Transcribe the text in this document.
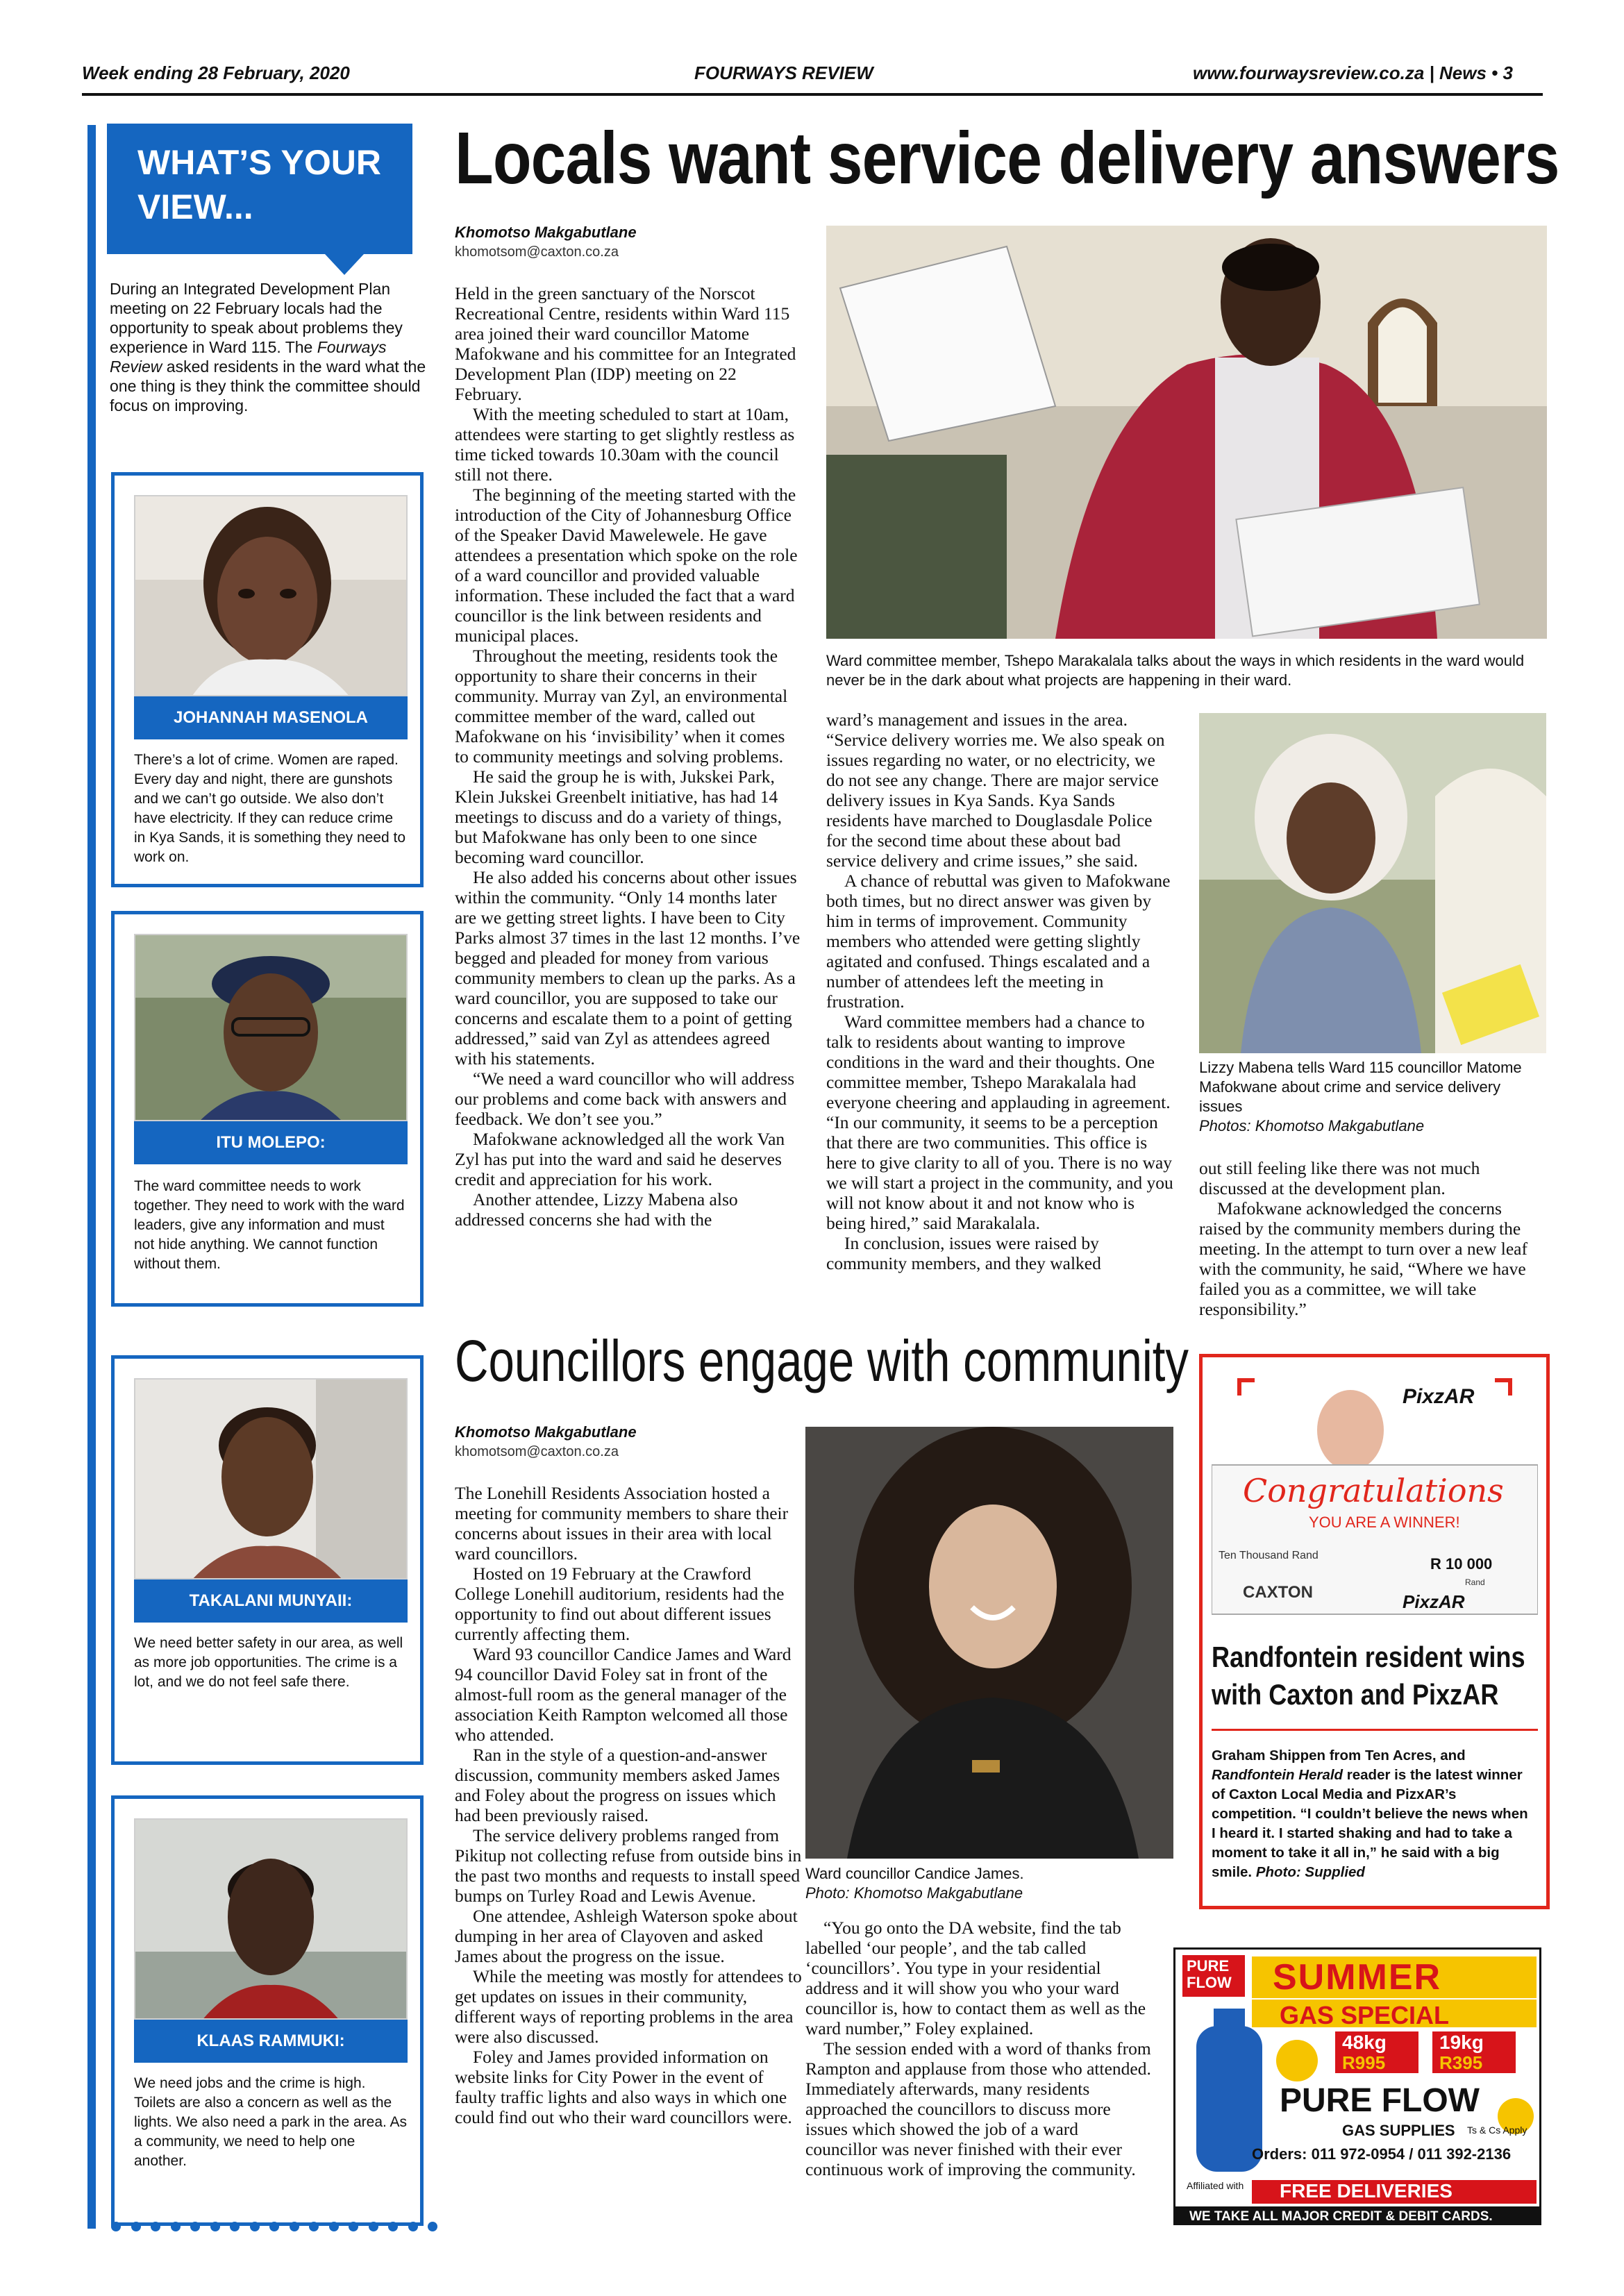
Week ending 28 February, 2020	FOURWAYS REVIEW	www.fourwaysreview.co.za | News • 3
WHAT’S YOUR
VIEW...
During an Integrated Development Plan meeting on 22 February locals had the opportunity to speak about problems they experience in Ward 115. The Fourways Review asked residents in the ward what the one thing is they think the committee should focus on improving.
JOHANNAH MASENOLA
There’s a lot of crime. Women are raped. Every day and night, there are gunshots and we can’t go outside. We also don’t have electricity. If they can reduce crime in Kya Sands, it is something they need to work on.
ITU MOLEPO:
The ward committee needs to work together. They need to work with the ward leaders, give any information and must not hide anything. We cannot function without them.
TAKALANI MUNYAII:
We need better safety in our area, as well as more job opportunities. The crime is a lot, and we do not feel safe there.
KLAAS RAMMUKI:
We need jobs and the crime is high. Toilets are also a concern as well as the lights. We also need a park in the area. As a community, we need to help one another.
Locals want service delivery answers
Khomotso Makgabutlane
khomotsom@caxton.co.za

Held in the green sanctuary of the Norscot Recreational Centre, residents within Ward 115 area joined their ward councillor Matome Mafokwane and his committee for an Integrated Development Plan (IDP) meeting on 22 February.

With the meeting scheduled to start at 10am, attendees were starting to get slightly restless as time ticked towards 10.30am with the council still not there.

The beginning of the meeting started with the introduction of the City of Johannesburg Office of the Speaker David Mawelewele. He gave attendees a presentation which spoke on the role of a ward councillor and provided valuable information. These included the fact that a ward councillor is the link between residents and municipal places.

Throughout the meeting, residents took the opportunity to share their concerns in their community. Murray van Zyl, an environmental committee member of the ward, called out Mafokwane on his ‘invisibility’ when it comes to community meetings and solving problems.

He said the group he is with, Jukskei Park, Klein Jukskei Greenbelt initiative, has had 14 meetings to discuss and do a variety of things, but Mafokwane has only been to one since becoming ward councillor.

He also added his concerns about other issues within the community. “Only 14 months later are we getting street lights. I have been to City Parks almost 37 times in the last 12 months. I’ve begged and pleaded for money from various community members to clean up the parks. As a ward councillor, you are supposed to take our concerns and escalate them to a point of getting addressed,” said van Zyl as attendees agreed with his statements.

“We need a ward councillor who will address our problems and come back with answers and feedback. We don’t see you.”

Mafokwane acknowledged all the work Van Zyl has put into the ward and said he deserves credit and appreciation for his work.

Another attendee, Lizzy Mabena also addressed concerns she had with the

Ward committee member, Tshepo Marakalala talks about the ways in which residents in the ward would never be in the dark about what projects are happening in their ward.

ward’s management and issues in the area. “Service delivery worries me. We also speak on issues regarding no water, or no electricity, we do not see any change. There are major service delivery issues in Kya Sands. Kya Sands residents have marched to Douglasdale Police for the second time about these about bad service delivery and crime issues,” she said.

A chance of rebuttal was given to Mafokwane both times, but no direct answer was given by him in terms of improvement. Community members who attended were getting slightly agitated and confused. Things escalated and a number of attendees left the meeting in frustration.

Ward committee members had a chance to talk to residents about wanting to improve conditions in the ward and their thoughts. One committee member, Tshepo Marakalala had everyone cheering and applauding in agreement. “In our community, it seems to be a perception that there are two communities. This office is here to give clarity to all of you. There is no way we will start a project in the community, and you will not know about it and not know who is being hired,” said Marakalala.

In conclusion, issues were raised by community members, and they walked

Lizzy Mabena tells Ward 115 councillor Matome Mafokwane about crime and service delivery issues
Photos: Khomotso Makgabutlane

out still feeling like there was not much discussed at the development plan.

Mafokwane acknowledged the concerns raised by the community members during the meeting. In the attempt to turn over a new leaf with the community, he said, “Where we have failed you as a committee, we will take responsibility.”

Councillors engage with community
Khomotso Makgabutlane
khomotsom@caxton.co.za

The Lonehill Residents Association hosted a meeting for community members to share their concerns about issues in their area with local ward councillors.

Hosted on 19 February at the Crawford College Lonehill auditorium, residents had the opportunity to find out about different issues currently affecting them.

Ward 93 councillor Candice James and Ward 94 councillor David Foley sat in front of the almost-full room as the general manager of the association Keith Rampton welcomed all those who attended.

Ran in the style of a question-and-answer discussion, community members asked James and Foley about the progress on issues which had been previously raised.

The service delivery problems ranged from Pikitup not collecting refuse from outside bins in the past two months and requests to install speed bumps on Turley Road and Lewis Avenue.

One attendee, Ashleigh Waterson spoke about dumping in her area of Clayoven and asked James about the progress on the issue.

While the meeting was mostly for attendees to get updates on issues in their community, different ways of reporting problems in the area were also discussed.

Foley and James provided information on website links for City Power in the event of faulty traffic lights and also ways in which one could find out who their ward councillors were.

Ward councillor Candice James.
Photo: Khomotso Makgabutlane

“You go onto the DA website, find the tab labelled ‘our people’, and the tab called ‘councillors’. You type in your residential address and it will show you who your ward councillor is, how to contact them as well as the ward number,” Foley explained.

The session ended with a word of thanks from Rampton and applause from those who attended. Immediately afterwards, many residents approached the councillors to discuss more issues which showed the job of a ward councillor was never finished with their ever continuous work of improving the community.

PixzAR
Congratulations
YOU ARE A WINNER!
Ten Thousand Rand	R 10 000
Rand
CAXTON	PixzAR
Randfontein resident wins
with Caxton and PixzAR
Graham Shippen from Ten Acres, and Randfontein Herald reader is the latest winner of Caxton Local Media and PizxAR’s competition. “I couldn’t believe the news when I heard it. I started shaking and had to take a moment to take it all in,” he said with a big smile. Photo: Supplied
PURE
FLOW SUMMER
GAS SPECIAL
48kg
R995
19kg
R395
PURE FLOW
GAS SUPPLIES Ts & Cs Apply
Orders: 011 972-0954 / 011 392-2136
Affiliated with FREE DELIVERIES
WE TAKE ALL MAJOR CREDIT & DEBIT CARDS.
